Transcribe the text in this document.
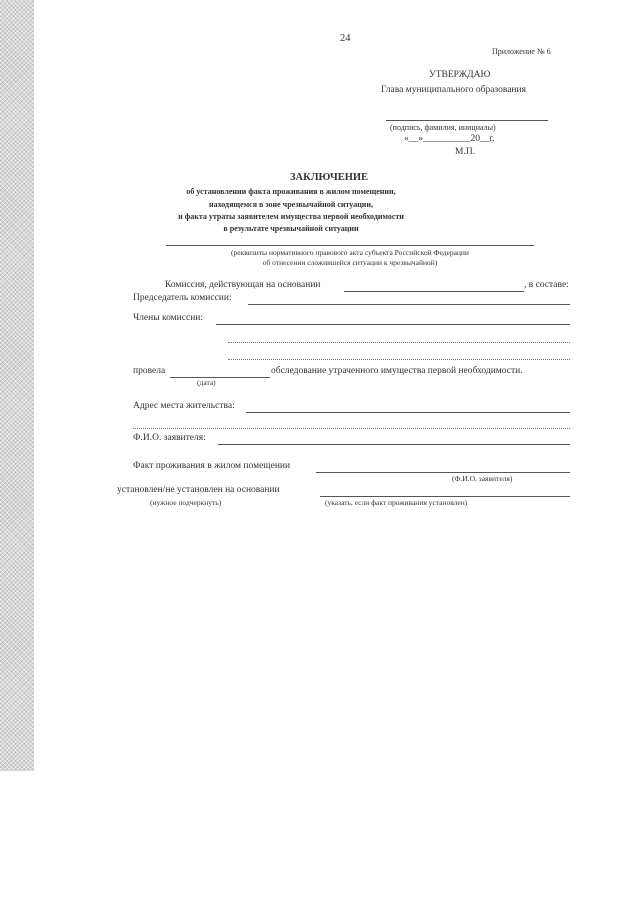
24
Приложение № 6
УТВЕРЖДАЮ
Глава муниципального образования
(подпись, фамилия, инициалы)
«__»__________20__г.
М.П.
ЗАКЛЮЧЕНИЕ
об установлении факта проживания в жилом помещении,
находящемся в зоне чрезвычайной ситуации,
и факта утраты заявителем имущества первой необходимости
в результате чрезвычайной ситуации
(реквизиты нормативного правового акта субъекта Российской Федерации
об отнесении сложившейся ситуации к чрезвычайной)
Комиссия, действующая на основании	, в составе:
Председатель комиссии:
Члены комиссии:
провела	обследование утраченного имущества первой необходимости.
(дата)
Адрес места жительства:
Ф.И.О. заявителя:
Факт проживания в жилом помещении
(Ф.И.О. заявителя)
установлен/не установлен на основании
(нужное подчеркнуть)	(указать, если факт проживания установлен)
